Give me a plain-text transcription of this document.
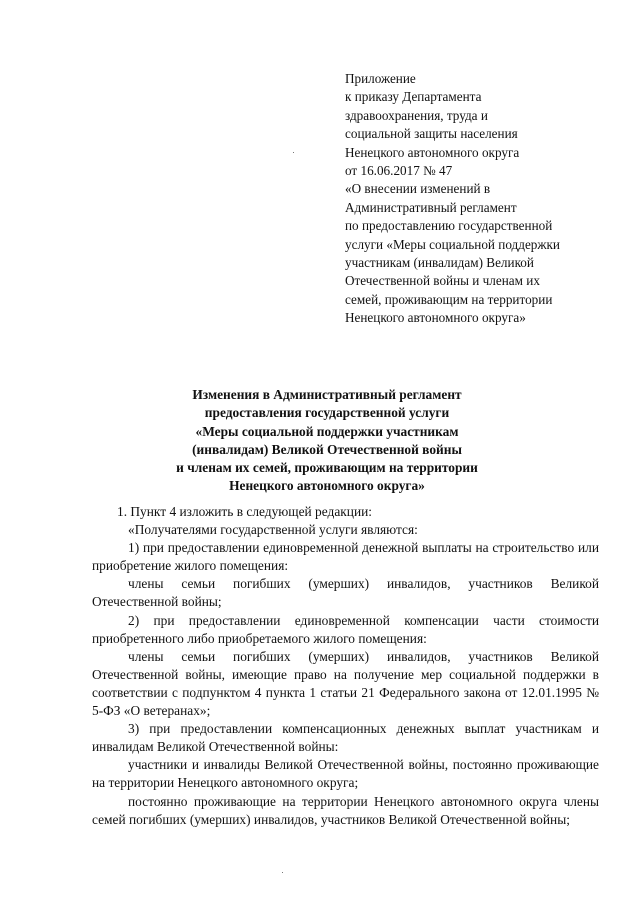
Приложение
к приказу Департамента
здравоохранения, труда и
социальной защиты населения
Ненецкого автономного округа
от 16.06.2017 № 47
«О внесении изменений в
Административный регламент
по предоставлению государственной
услуги «Меры социальной поддержки
участникам (инвалидам) Великой
Отечественной войны и членам их
семей, проживающим на территории
Ненецкого автономного округа»
Изменения в Административный регламент
предоставления государственной услуги
«Меры социальной поддержки участникам
(инвалидам) Великой Отечественной войны
и членам их семей, проживающим на территории
Ненецкого автономного округа»

1. Пункт 4 изложить в следующей редакции:

«Получателями государственной услуги являются:

1) при предоставлении единовременной денежной выплаты на строительство или приобретение жилого помещения:

члены семьи погибших (умерших) инвалидов, участников Великой Отечественной войны;

2) при предоставлении единовременной компенсации части стоимости приобретенного либо приобретаемого жилого помещения:

члены семьи погибших (умерших) инвалидов, участников Великой Отечественной войны, имеющие право на получение мер социальной поддержки в соответствии с подпунктом 4 пункта 1 статьи 21 Федерального закона от 12.01.1995 № 5-ФЗ «О ветеранах»;

3) при предоставлении компенсационных денежных выплат участникам и инвалидам Великой Отечественной войны:

участники и инвалиды Великой Отечественной войны, постоянно проживающие на территории Ненецкого автономного округа;

постоянно проживающие на территории Ненецкого автономного округа члены семей погибших (умерших) инвалидов, участников Великой Отечественной войны;
